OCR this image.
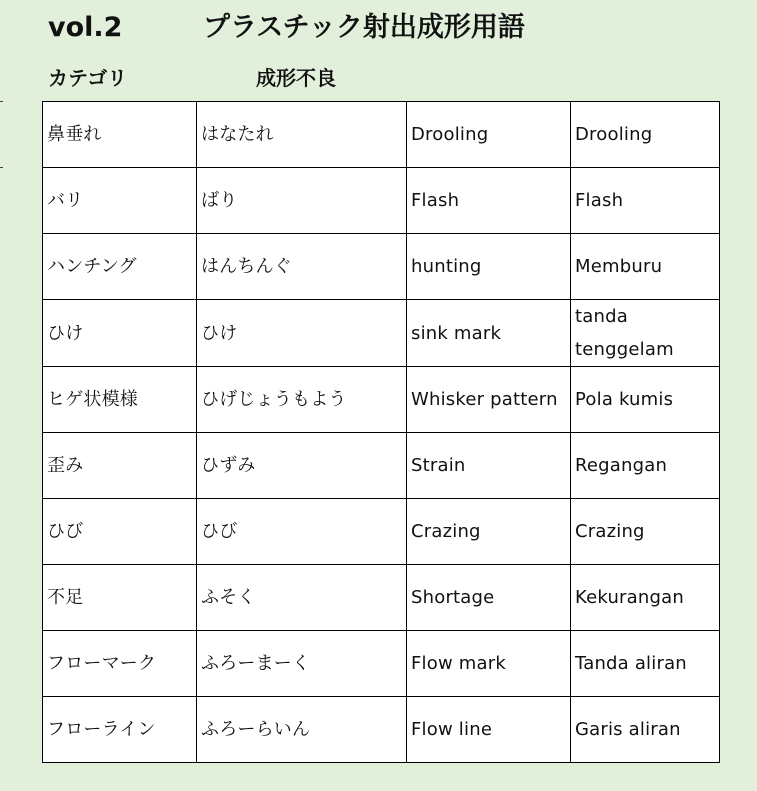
vol.2	プラスチック射出成形用語
カテゴリ	成形不良
鼻垂れ	はなたれ	Drooling	Drooling
バリ	ばり	Flash	Flash
ハンチング	はんちんぐ	hunting	Memburu
ひけ	ひけ	sink mark	tanda tenggelam
ヒゲ状模様	ひげじょうもよう	Whisker pattern	Pola kumis
歪み	ひずみ	Strain	Regangan
ひび	ひび	Crazing	Crazing
不足	ふそく	Shortage	Kekurangan
フローマーク	ふろーまーく	Flow mark	Tanda aliran
フローライン	ふろーらいん	Flow line	Garis aliran
